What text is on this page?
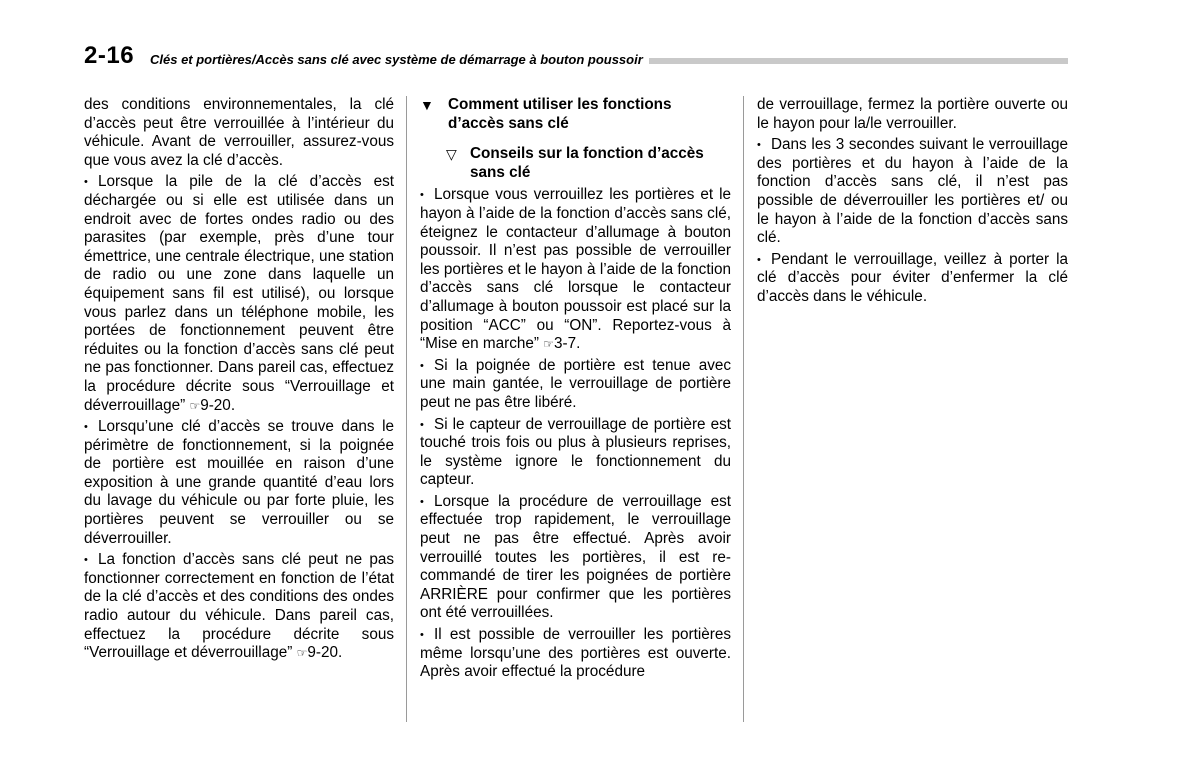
2-16 Clés et portières/Accès sans clé avec système de démarrage à bouton poussoir

des conditions environnementales, la clé d’accès peut être verrouillée à l’intérieur du véhicule. Avant de verrouiller, assurez-vous que vous avez la clé d’accès.

• Lorsque la pile de la clé d’accès est déchargée ou si elle est utilisée dans un endroit avec de fortes ondes radio ou des parasites (par exemple, près d’une tour émettrice, une centrale électrique, une station de radio ou une zone dans laquelle un équipement sans fil est utilisé), ou lorsque vous parlez dans un téléphone mobile, les portées de fonctionnement peuvent être réduites ou la fonction d’accès sans clé peut ne pas fonctionner. Dans pareil cas, effectuez la procédure décrite sous “Verrouillage et déverrouillage” ☞9-20.

• Lorsqu’une clé d’accès se trouve dans le périmètre de fonctionnement, si la poignée de portière est mouillée en raison d’une exposition à une grande quantité d’eau lors du lavage du véhicule ou par forte pluie, les portières peuvent se verrouiller ou se déverrouiller.

• La fonction d’accès sans clé peut ne pas fonctionner correctement en fonction de l’état de la clé d’accès et des conditions des ondes radio autour du véhicule. Dans pareil cas, effectuez la procédure décrite sous “Verrouillage et déverrouillage” ☞9-20.

▼ Comment utiliser les fonctions d’accès sans clé
▽ Conseils sur la fonction d’accès sans clé

• Lorsque vous verrouillez les portières et le hayon à l’aide de la fonction d’accès sans clé, éteignez le contacteur d’allumage à bouton poussoir. Il n’est pas possible de verrouiller les portières et le hayon à l’aide de la fonction d’accès sans clé lorsque le contacteur d’allumage à bouton poussoir est placé sur la position “ACC” ou “ON”. Reportez-vous à “Mise en marche” ☞3-7.

• Si la poignée de portière est tenue avec une main gantée, le verrouillage de portière peut ne pas être libéré.

• Si le capteur de verrouillage de portière est touché trois fois ou plus à plusieurs reprises, le système ignore le fonctionnement du capteur.

• Lorsque la procédure de verrouillage est effectuée trop rapidement, le verrouillage peut ne pas être effectué. Après avoir verrouillé toutes les portières, il est recommandé de tirer les poignées de portière ARRIÈRE pour confirmer que les portières ont été verrouillées.

• Il est possible de verrouiller les portières même lorsqu’une des portières est ouverte. Après avoir effectué la procédure

de verrouillage, fermez la portière ouverte ou le hayon pour la/le verrouiller.

• Dans les 3 secondes suivant le verrouillage des portières et du hayon à l’aide de la fonction d’accès sans clé, il n’est pas possible de déverrouiller les portières et/ ou le hayon à l’aide de la fonction d’accès sans clé.

• Pendant le verrouillage, veillez à porter la clé d’accès pour éviter d’enfermer la clé d’accès dans le véhicule.
